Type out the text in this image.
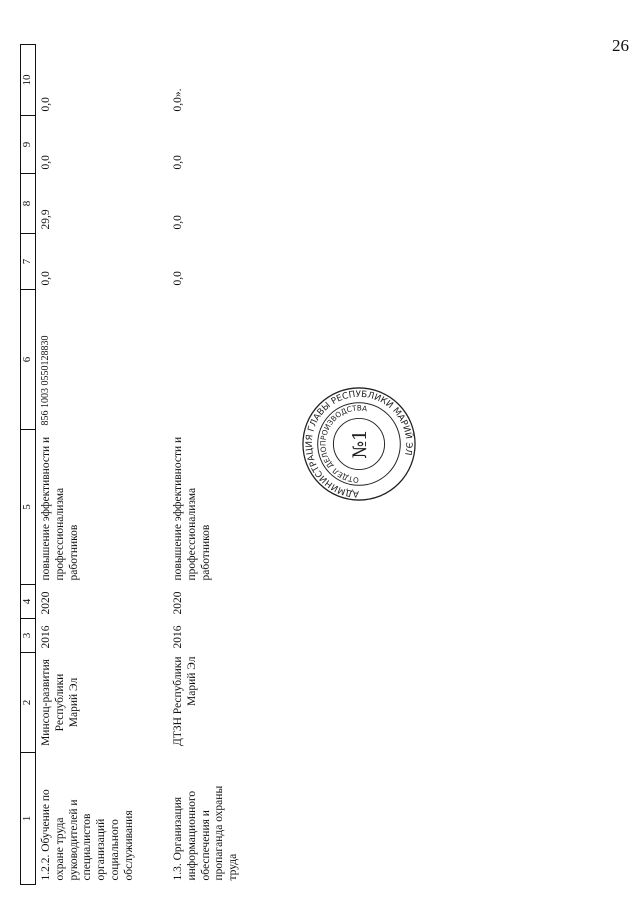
26
1	2	3	4	5	6	7	8	9	10
1.2.2. Обучение по охране труда руководителей и специалистов организаций социального обслуживания	Минсоц-развития Республики Марий Эл	2016	2020	повышение эффективности и профессионализма работников	856 1003 0550128830	0,0	29,9	0,0	0,0
1.3. Организация информационного обеспечения и пропаганда охраны труда	ДТЗН Республики Марий Эл	2016	2020	повышение эффективности и профессионализма работников		0,0	0,0	0,0	0,0».
АДМИНИСТРАЦИЯ ГЛАВЫ РЕСПУБЛИКИ МАРИЙ ЭЛ
ОТДЕЛ ДЕЛОПРОИЗВОДСТВА
№1
